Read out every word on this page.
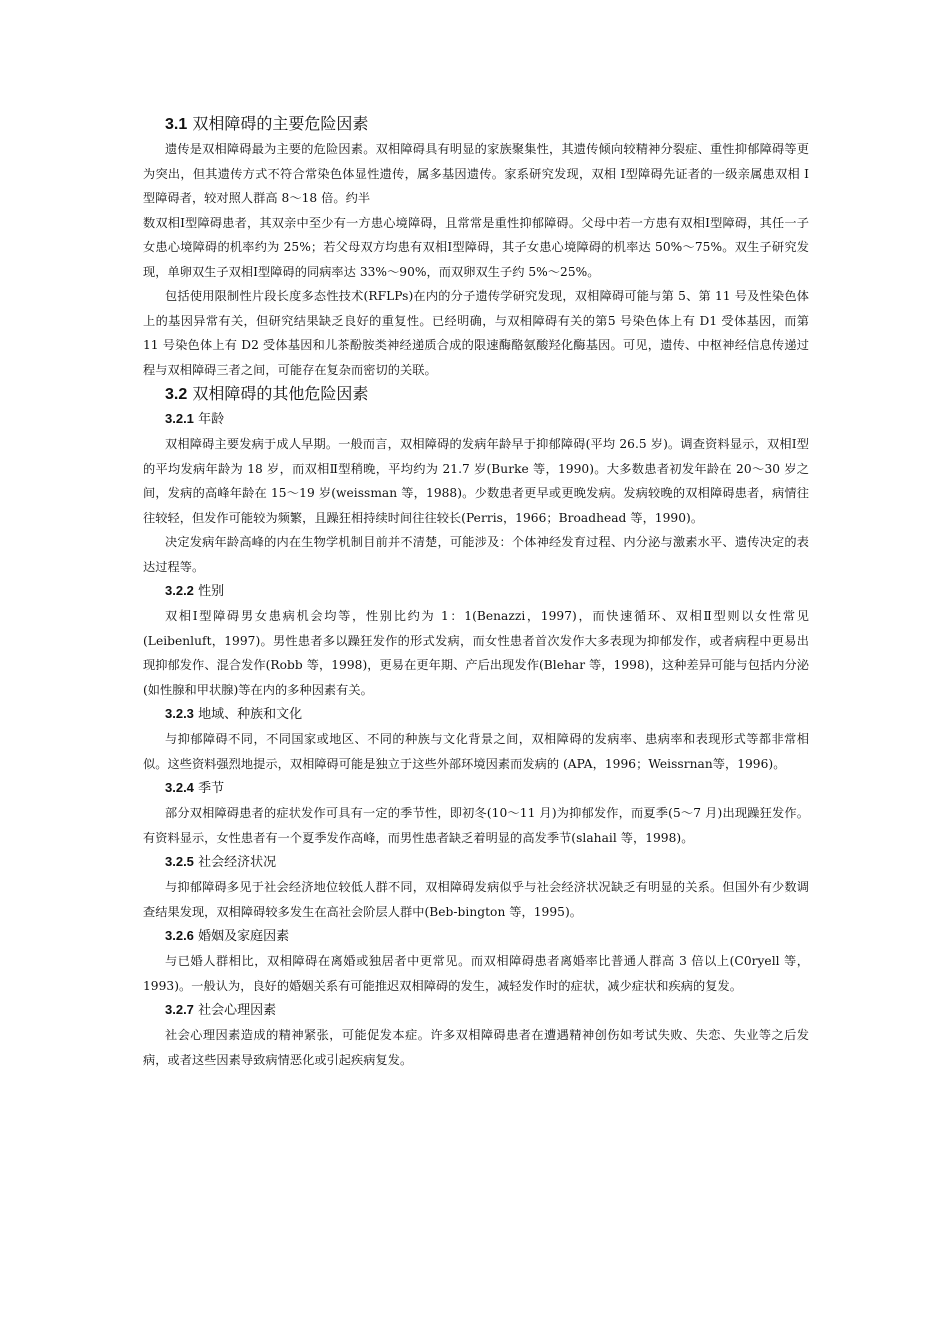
3.1 双相障碍的主要危险因素

遗传是双相障碍最为主要的危险因素。双相障碍具有明显的家族聚集性，其遗传倾向较精神分裂症、重性抑郁障碍等更为突出，但其遗传方式不符合常染色体显性遗传，属多基因遗传。家系研究发现，双相 Ⅰ型障碍先证者的一级亲属患双相 Ⅰ型障碍者，较对照人群高 8～18 倍。约半

数双相Ⅰ型障碍患者，其双亲中至少有一方患心境障碍，且常常是重性抑郁障碍。父母中若一方患有双相Ⅰ型障碍，其任一子女患心境障碍的机率约为 25%；若父母双方均患有双相Ⅰ型障碍，其子女患心境障碍的机率达 50%～75%。双生子研究发现，单卵双生子双相Ⅰ型障碍的同病率达 33%～90%，而双卵双生子约 5%～25%。

包括使用限制性片段长度多态性技术(RFLPs)在内的分子遗传学研究发现，双相障碍可能与第 5、第 11 号及性染色体上的基因异常有关，但研究结果缺乏良好的重复性。已经明确，与双相障碍有关的第5 号染色体上有 D1 受体基因，而第 11 号染色体上有 D2 受体基因和儿茶酚胺类神经递质合成的限速酶酪氨酸羟化酶基因。可见，遗传、中枢神经信息传递过程与双相障碍三者之间，可能存在复杂而密切的关联。

3.2 双相障碍的其他危险因素
3.2.1 年龄

双相障碍主要发病于成人早期。一般而言，双相障碍的发病年龄早于抑郁障碍(平均 26.5 岁)。调查资料显示，双相Ⅰ型的平均发病年龄为 18 岁，而双相Ⅱ型稍晚，平均约为 21.7 岁(Burke 等，1990)。大多数患者初发年龄在 20～30 岁之间，发病的高峰年龄在 15～19 岁(weissman 等，1988)。少数患者更早或更晚发病。发病较晚的双相障碍患者，病情往往较轻，但发作可能较为频繁，且躁狂相持续时间往往较长(Perris，1966；Broadhead 等，1990)。

决定发病年龄高峰的内在生物学机制目前并不清楚，可能涉及：个体神经发育过程、内分泌与激素水平、遗传决定的表达过程等。

3.2.2 性别

双相Ⅰ型障碍男女患病机会均等，性别比约为 1：1(Benazzi，1997)，而快速循环、双相Ⅱ型则以女性常见(Leibenluft，1997)。男性患者多以躁狂发作的形式发病，而女性患者首次发作大多表现为抑郁发作，或者病程中更易出现抑郁发作、混合发作(Robb 等，1998)，更易在更年期、产后出现发作(Blehar 等，1998)，这种差异可能与包括内分泌(如性腺和甲状腺)等在内的多种因素有关。

3.2.3 地域、种族和文化

与抑郁障碍不同，不同国家或地区、不同的种族与文化背景之间，双相障碍的发病率、患病率和表现形式等都非常相似。这些资料强烈地提示，双相障碍可能是独立于这些外部环境因素而发病的 (APA，1996；Weissrnan等，1996)。

3.2.4 季节

部分双相障碍患者的症状发作可具有一定的季节性，即初冬(10～11 月)为抑郁发作，而夏季(5～7 月)出现躁狂发作。有资料显示，女性患者有一个夏季发作高峰，而男性患者缺乏着明显的高发季节(slahail 等，1998)。

3.2.5 社会经济状况

与抑郁障碍多见于社会经济地位较低人群不同，双相障碍发病似乎与社会经济状况缺乏有明显的关系。但国外有少数调查结果发现，双相障碍较多发生在高社会阶层人群中(Beb-bington 等，1995)。

3.2.6 婚姻及家庭因素

与已婚人群相比，双相障碍在离婚或独居者中更常见。而双相障碍患者离婚率比普通人群高 3 倍以上(C0ryell 等，1993)。一般认为，良好的婚姻关系有可能推迟双相障碍的发生，减轻发作时的症状，减少症状和疾病的复发。

3.2.7 社会心理因素

社会心理因素造成的精神紧张，可能促发本症。许多双相障碍患者在遭遇精神创伤如考试失败、失恋、失业等之后发病，或者这些因素导致病情恶化或引起疾病复发。
